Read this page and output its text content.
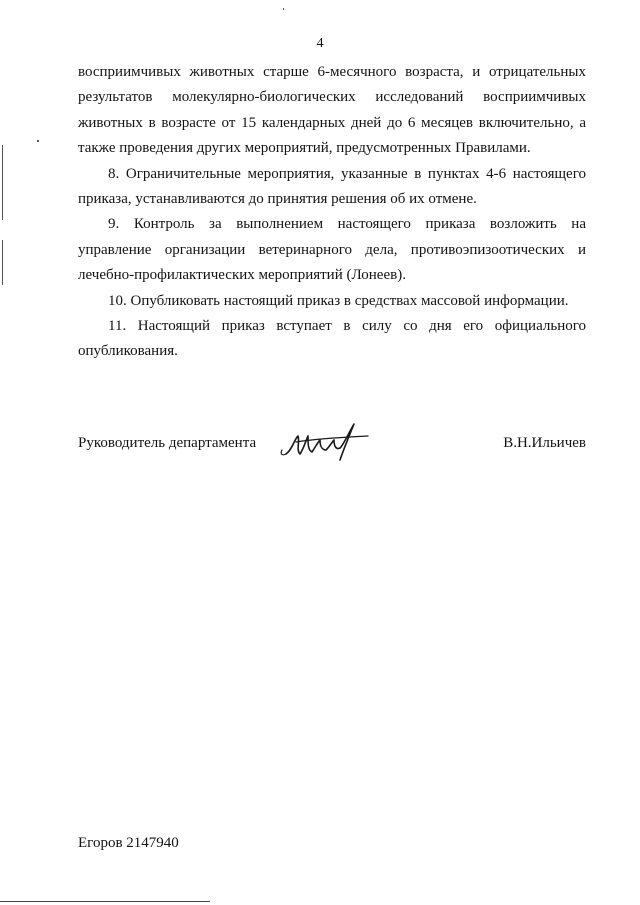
4

восприимчивых животных старше 6-месячного возраста, и отрицательных результатов молекулярно-биологических исследований восприимчивых животных в возрасте от 15 календарных дней до 6 месяцев включительно, а также проведения других мероприятий, предусмотренных Правилами.

8. Ограничительные мероприятия, указанные в пунктах 4-6 настоящего приказа, устанавливаются до принятия решения об их отмене.

9. Контроль за выполнением настоящего приказа возложить на управление организации ветеринарного дела, противоэпизоотических и лечебно-профилактических мероприятий (Лонеев).

10. Опубликовать настоящий приказ в средствах массовой информации.

11. Настоящий приказ вступает в силу со дня его официального опубликования.

Руководитель департамента	В.Н.Ильичев
Егоров 2147940
